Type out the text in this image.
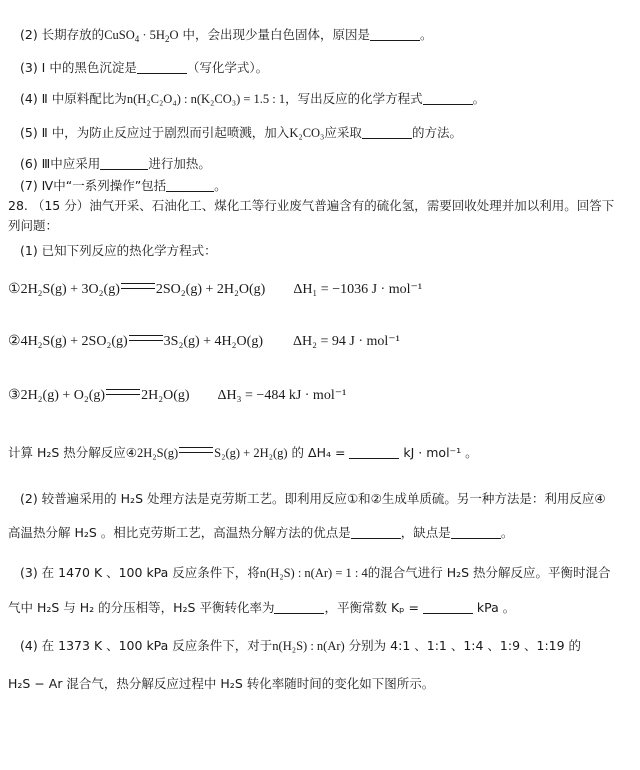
(2) 长期存放的CuSO$_4$ · $5H_2O$ 中，会出现少量白色固体，原因是	。
(3) Ⅰ 中的黑色沉淀是	（写化学式）。
(4) Ⅱ 中原料配比为n(H₂C₂O₄) : n(K₂CO₃) = 1.5 : 1，写出反应的化学方程式	。
(5) Ⅱ 中，为防止反应过于剧烈而引起喷溅，加入K₂CO₃应采取	的方法。
(6) Ⅲ中应采用	进行加热。
(7) Ⅳ中“一系列操作”包括	。
28. （15 分）油气开采、石油化工、煤化工等行业废气普遍含有的硫化氢，需要回收处理并加以利用。回答下
列问题：
(1) 已知下列反应的热化学方程式：
①2H₂S(g) + 3O₂(g)	2SO₂(g) + 2H₂O(g) ΔH₁ = −1036 J · mol⁻¹
②4H₂S(g) + 2SO₂(g)	3S₂(g) + 4H₂O(g) ΔH₂ = 94 J · mol⁻¹
③2H₂(g) + O₂(g)	2H₂O(g) ΔH₃ = −484 kJ · mol⁻¹
计算 H₂S 热分解反应④2H₂S(g)	S₂(g) + 2H₂(g) 的 ΔH₄ =	kJ · mol⁻¹ 。
(2) 较普遍采用的 H₂S 处理方法是克劳斯工艺。即利用反应①和②生成单质硫。另一种方法是：利用反应④
高温热分解 H₂S 。相比克劳斯工艺，高温热分解方法的优点是	，缺点是	。
(3) 在 1470 K 、100 kPa 反应条件下，将n(H₂S) : n(Ar) = 1 : 4的混合气进行 H₂S 热分解反应。平衡时混合
气中 H₂S 与 H₂ 的分压相等，H₂S 平衡转化率为	，平衡常数 Kₚ =	kPa 。
(4) 在 1373 K 、100 kPa 反应条件下，对于n(H₂S) : n(Ar) 分别为 4:1 、1:1 、1:4 、1:9 、1:19 的
H₂S − Ar 混合气，热分解反应过程中 H₂S 转化率随时间的变化如下图所示。
